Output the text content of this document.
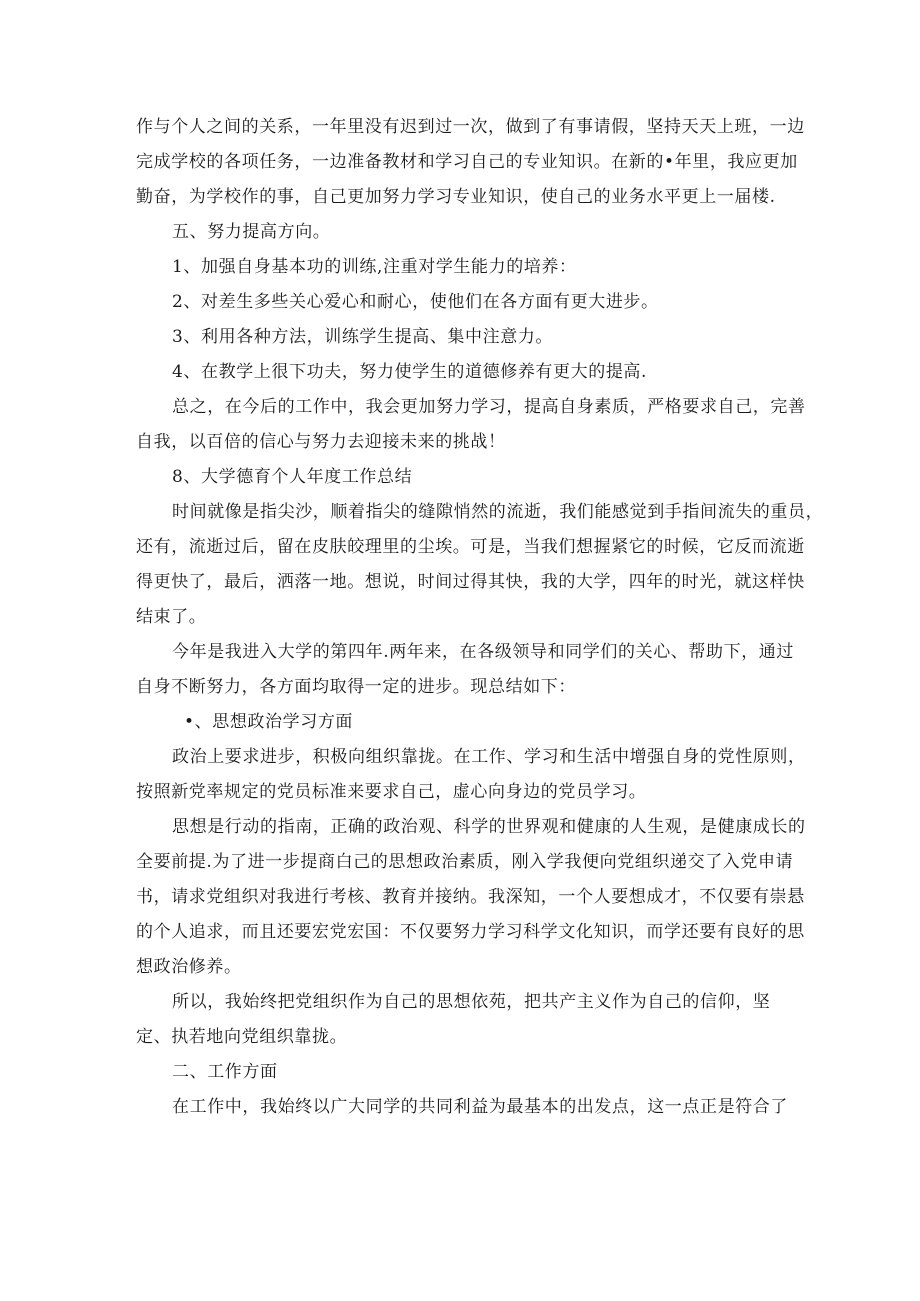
作与个人之间的关系，一年里没有迟到过一次，做到了有事请假，坚持天天上班，一边

完成学校的各项任务，一边准备教材和学习自己的专业知识。在新的•年里，我应更加

勤奋，为学校作的事，自己更加努力学习专业知识，使自己的业务水平更上一届楼.

五、努力提高方向。

1、加强自身基本功的训练,注重对学生能力的培养：

2、对差生多些关心爱心和耐心，使他们在各方面有更大进步。

3、利用各种方法，训练学生提高、集中注意力。

4、在教学上很下功夫，努力使学生的道德修养有更大的提高.

总之，在今后的工作中，我会更加努力学习，提高自身素质，严格要求自己，完善

自我，以百倍的信心与努力去迎接未来的挑战！

8、大学德育个人年度工作总结

时间就像是指尖沙，顺着指尖的缝隙悄然的流逝，我们能感觉到手指间流失的重员，

还有，流逝过后，留在皮肤皎理里的尘埃。可是，当我们想握紧它的时候，它反而流逝

得更快了，最后，洒落一地。想说，时间过得其快，我的大学，四年的时光，就这样快

结束了。

今年是我进入大学的第四年.两年来，在各级领导和同学们的关心、帮助下，通过

自身不断努力，各方面均取得一定的进步。现总结如下：

•、思想政治学习方面

政治上要求进步，积极向组织靠拢。在工作、学习和生活中增强自身的党性原则，

按照新党率规定的党员标准来要求自己，虚心向身边的党员学习。

思想是行动的指南，正确的政治观、科学的世界观和健康的人生观，是健康成长的

全要前提.为了进一步提商白己的思想政治素质，刚入学我便向党组织递交了入党申请

书，请求党组织对我进行考核、教育并接纳。我深知，一个人要想成才，不仅要有崇悬

的个人追求，而且还要宏党宏国：不仅要努力学习科学文化知识，而学还要有良好的思

想政治修养。

所以，我始终把党组织作为自己的思想依苑，把共产主义作为自己的信仰，坚

定、执若地向党组织靠拢。

二、工作方面

在工作中，我始终以广大同学的共同利益为最基本的出发点，这一点正是符合了
